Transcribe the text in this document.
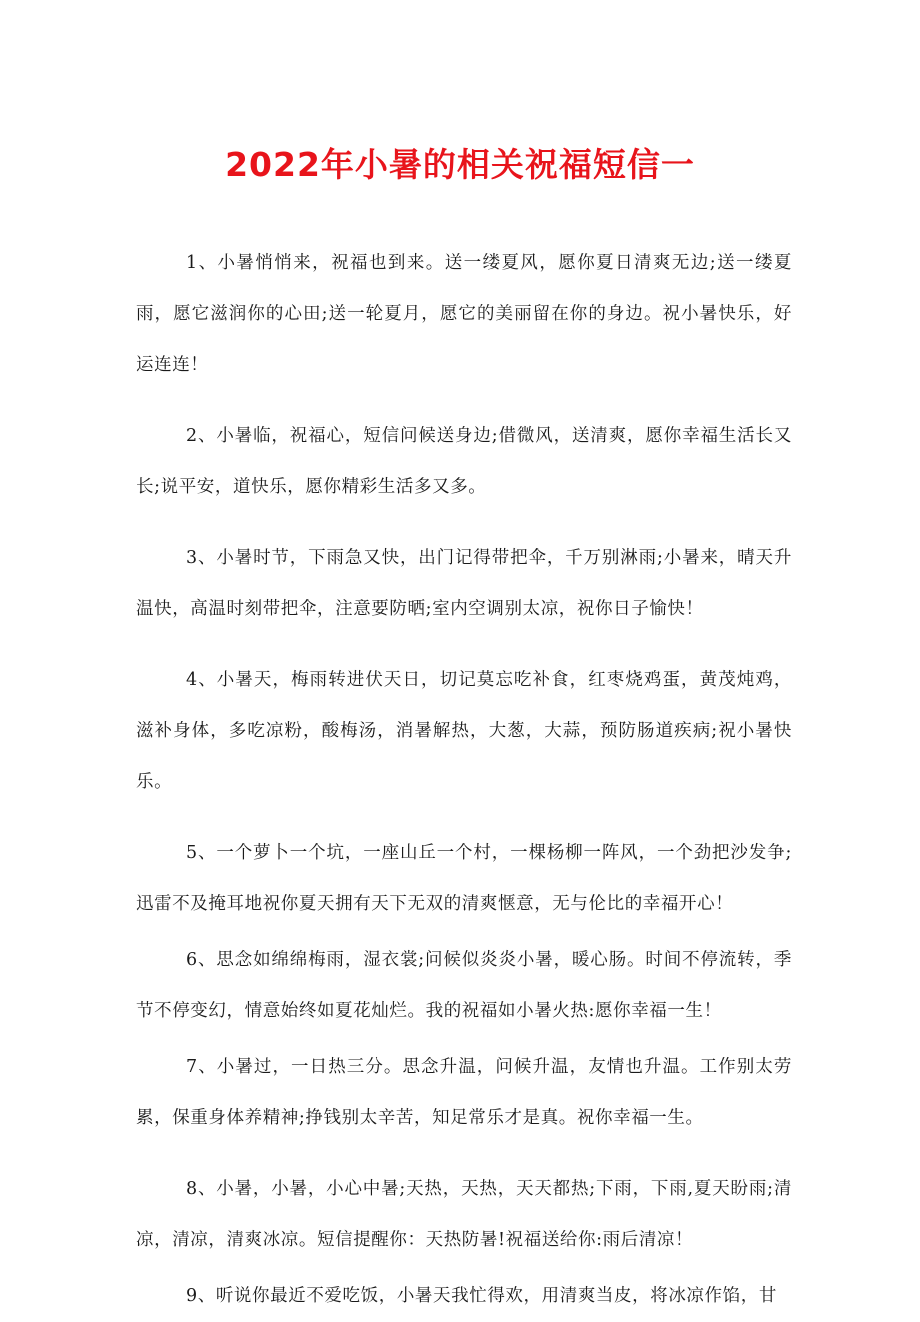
2022年小暑的相关祝福短信一

1、小暑悄悄来，祝福也到来。送一缕夏风，愿你夏日清爽无边;送一缕夏雨，愿它滋润你的心田;送一轮夏月，愿它的美丽留在你的身边。祝小暑快乐，好运连连！

2、小暑临，祝福心，短信问候送身边;借微风，送清爽，愿你幸福生活长又长;说平安，道快乐，愿你精彩生活多又多。

3、小暑时节，下雨急又快，出门记得带把伞，千万别淋雨;小暑来，晴天升温快，高温时刻带把伞，注意要防晒;室内空调别太凉，祝你日子愉快！

4、小暑天，梅雨转进伏天日，切记莫忘吃补食，红枣烧鸡蛋，黄茂炖鸡，滋补身体，多吃凉粉，酸梅汤，消暑解热，大葱，大蒜，预防肠道疾病;祝小暑快乐。

5、一个萝卜一个坑，一座山丘一个村，一棵杨柳一阵风，一个劲把沙发争;迅雷不及掩耳地祝你夏天拥有天下无双的清爽惬意，无与伦比的幸福开心！

6、思念如绵绵梅雨，湿衣裳;问候似炎炎小暑，暖心肠。时间不停流转，季节不停变幻，情意始终如夏花灿烂。我的祝福如小暑火热:愿你幸福一生！

7、小暑过，一日热三分。思念升温，问候升温，友情也升温。工作别太劳累，保重身体养精神;挣钱别太辛苦，知足常乐才是真。祝你幸福一生。

8、小暑，小暑，小心中暑;天热，天热，天天都热;下雨，下雨,夏天盼雨;清凉，清凉，清爽冰凉。短信提醒你：天热防暑!祝福送给你:雨后清凉！

9、听说你最近不爱吃饭，小暑天我忙得欢，用清爽当皮，将冰凉作馅，甘
